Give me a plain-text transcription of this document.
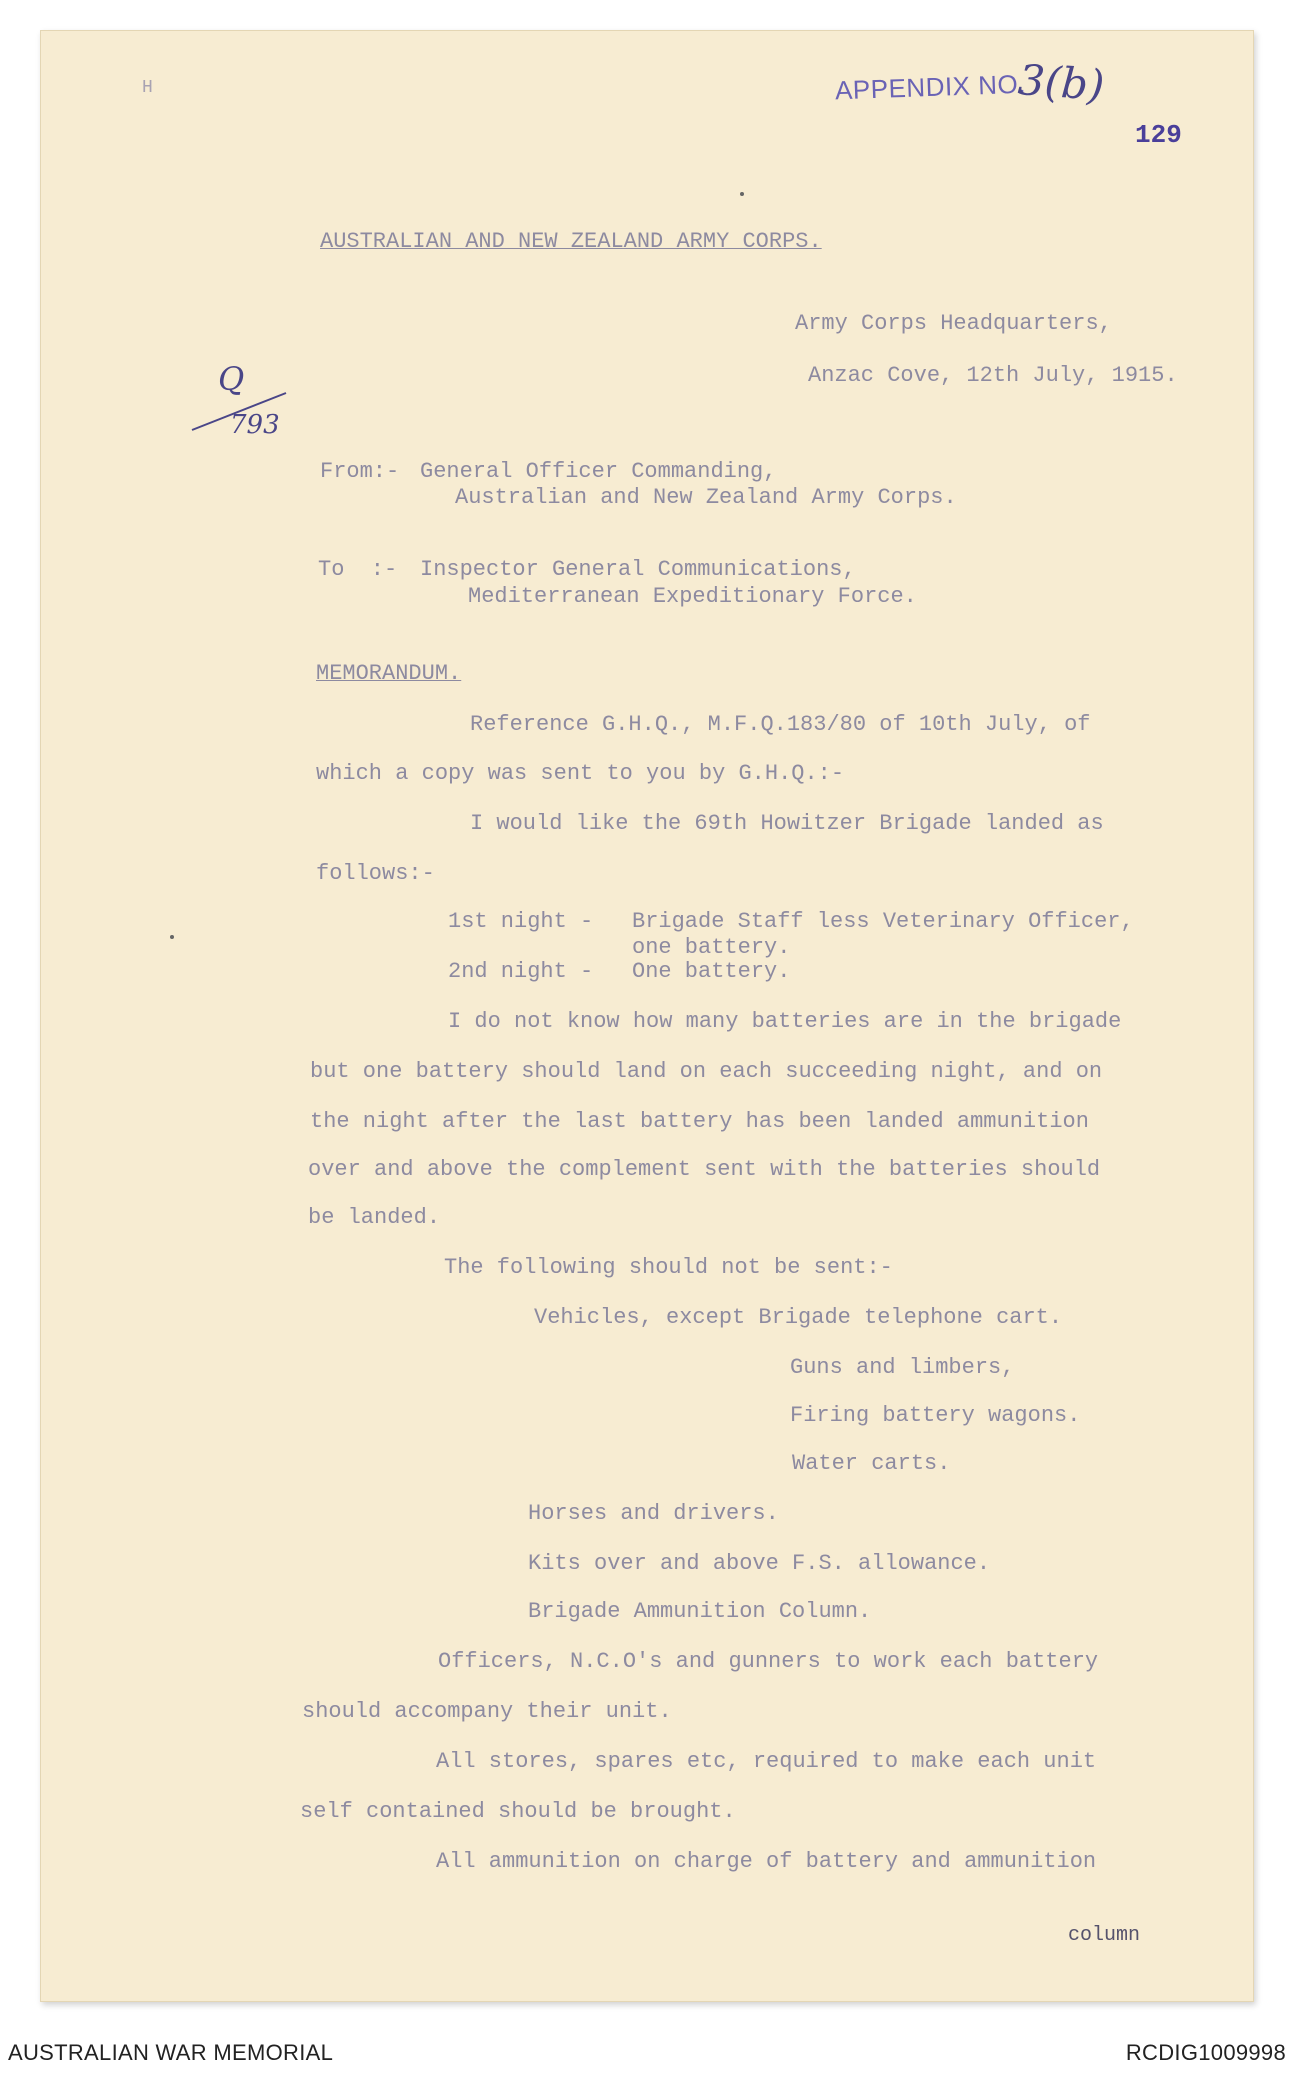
H	APPENDIX NO.
3(b)
129
Q
793
AUSTRALIAN AND NEW ZEALAND ARMY CORPS.
Army Corps Headquarters,
Anzac Cove, 12th July, 1915.
From:- General Officer Commanding,
Australian and New Zealand Army Corps.
To  :- Inspector General Communications,
Mediterranean Expeditionary Force.
MEMORANDUM.
Reference G.H.Q., M.F.Q.183/80 of 10th July, of
which a copy was sent to you by G.H.Q.:-
I would like the 69th Howitzer Brigade landed as
follows:-
1st night - Brigade Staff less Veterinary Officer,
one battery.
2nd night - One battery.
I do not know how many batteries are in the brigade
but one battery should land on each succeeding night, and on
the night after the last battery has been landed ammunition
over and above the complement sent with the batteries should
be landed.
The following should not be sent:-
Vehicles, except Brigade telephone cart.
Guns and limbers,
Firing battery wagons.
Water carts.
Horses and drivers.
Kits over and above F.S. allowance.
Brigade Ammunition Column.
Officers, N.C.O's and gunners to work each battery
should accompany their unit.
All stores, spares etc, required to make each unit
self contained should be brought.
All ammunition on charge of battery and ammunition
column
AUSTRALIAN WAR MEMORIAL	RCDIG1009998
